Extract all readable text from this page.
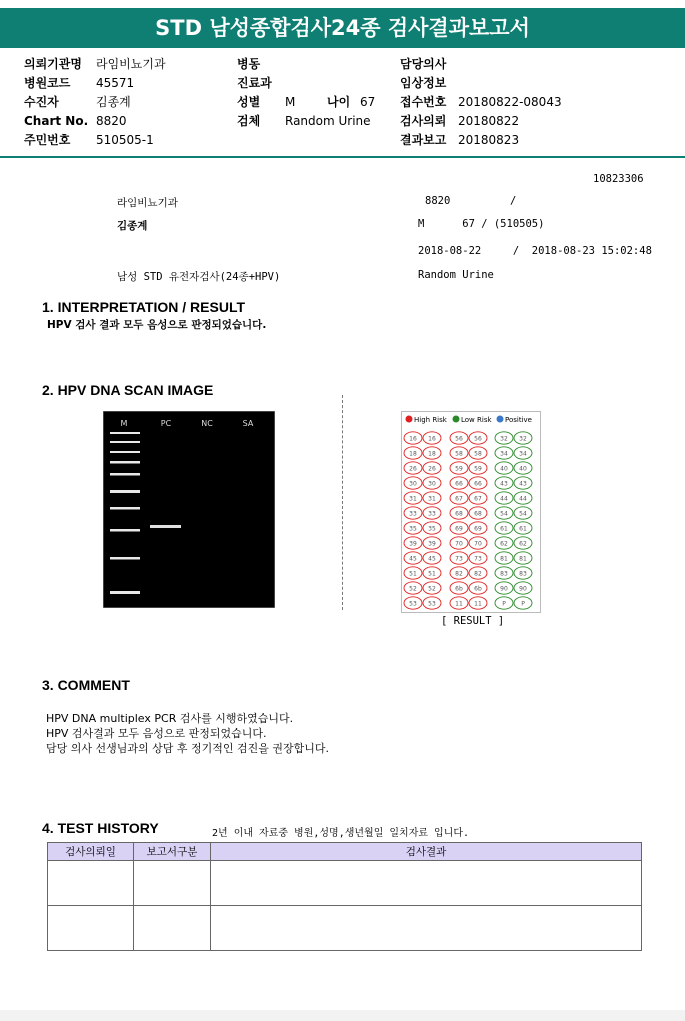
STD 남성종합검사24종 검사결과보고서
의뢰기관명 라임비뇨기과
병원코드 45571
수진자	김종계
Chart No. 8820
주민번호 510505-1
병동
진료과
성별 M	나이 67
검체 Random Urine
담당의사
임상정보
접수번호 20180822-08043
검사의뢰 20180822
결과보고 20180823
10823306
라임비뇨기과	8820	/
김종계	M      67 / (510505)
2018-08-22     /  2018-08-23 15:02:48
남성 STD 유전자검사(24종+HPV)	Random Urine
1. INTERPRETATION / RESULT
HPV 검사 결과 모두 음성으로 판정되었습니다.
2. HPV DNA SCAN IMAGE
M	PC	NC	SA	High Risk Low Risk Positive
16 16	56 56	32 32
18 18	58 58	34 34
26 26	59 59	40 40
30 30	66 66	43 43
31 31	67 67	44 44
33 33	68 68	54 54
35 35	69 69	61 61
39 39	70 70	62 62
45 45	73 73	81 81
51 51	82 82	83 83
52 52	6b 6b	90 90
53 53	11 11	P	P
[ RESULT ]
3. COMMENT
HPV DNA multiplex PCR 검사를 시행하였습니다.
HPV 검사결과 모두 음성으로 판정되었습니다.
담당 의사 선생님과의 상담 후 정기적인 검진을 권장합니다.
4. TEST HISTORY	2년 이내 자료중 병원,성명,생년월일 일치자료 입니다.
검사의뢰일	보고서구분	검사결과
